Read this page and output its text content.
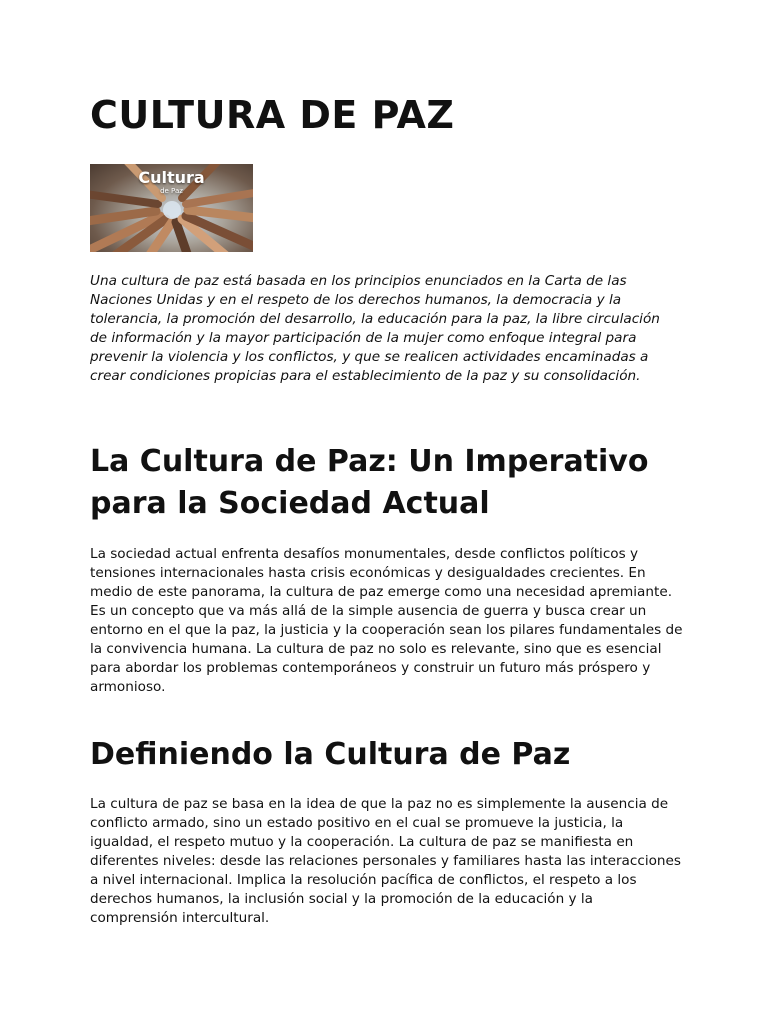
CULTURA DE PAZ
Cultura
de Paz

Una cultura de paz está basada en los principios enunciados en la Carta de las Naciones Unidas y en el respeto de los derechos humanos, la democracia y la tolerancia, la promoción del desarrollo, la educación para la paz, la libre circulación de información y la mayor participación de la mujer como enfoque integral para prevenir la violencia y los conflictos, y que se realicen actividades encaminadas a crear condiciones propicias para el establecimiento de la paz y su consolidación.

La Cultura de Paz: Un Imperativo para la Sociedad Actual

La sociedad actual enfrenta desafíos monumentales, desde conflictos políticos y tensiones internacionales hasta crisis económicas y desigualdades crecientes. En medio de este panorama, la cultura de paz emerge como una necesidad apremiante. Es un concepto que va más allá de la simple ausencia de guerra y busca crear un entorno en el que la paz, la justicia y la cooperación sean los pilares fundamentales de la convivencia humana. La cultura de paz no solo es relevante, sino que es esencial para abordar los problemas contemporáneos y construir un futuro más próspero y armonioso.

Definiendo la Cultura de Paz

La cultura de paz se basa en la idea de que la paz no es simplemente la ausencia de conflicto armado, sino un estado positivo en el cual se promueve la justicia, la igualdad, el respeto mutuo y la cooperación. La cultura de paz se manifiesta en diferentes niveles: desde las relaciones personales y familiares hasta las interacciones a nivel internacional. Implica la resolución pacífica de conflictos, el respeto a los derechos humanos, la inclusión social y la promoción de la educación y la comprensión intercultural.
